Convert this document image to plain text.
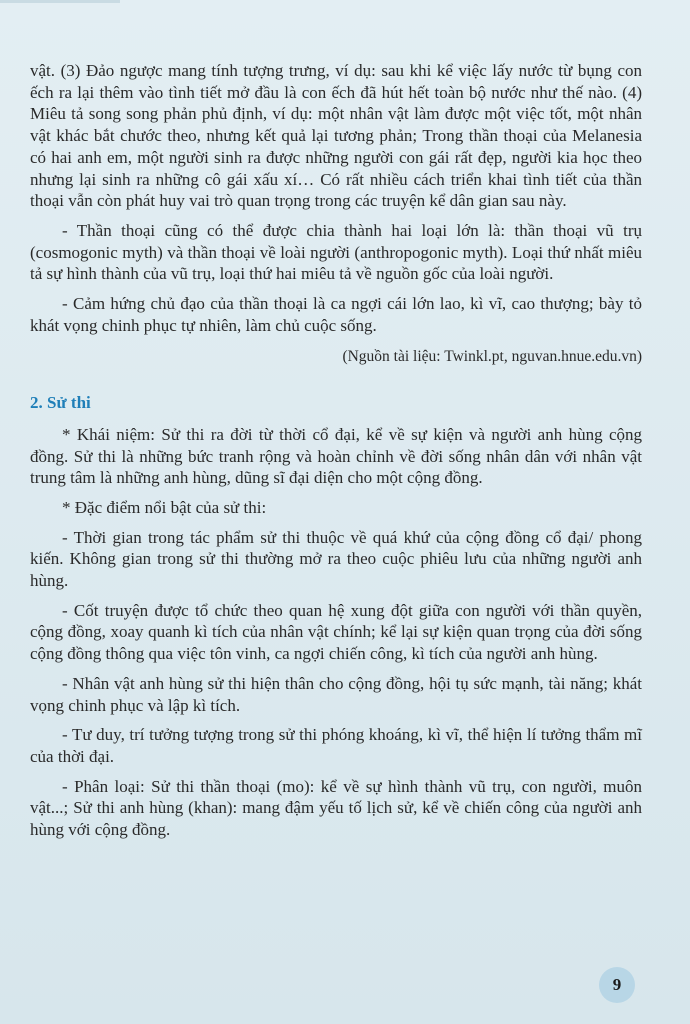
vật. (3) Đảo ngược mang tính tượng trưng, ví dụ: sau khi kể việc lấy nước từ bụng con ếch ra lại thêm vào tình tiết mở đầu là con ếch đã hút hết toàn bộ nước như thế nào. (4) Miêu tả song song phản phủ định, ví dụ: một nhân vật làm được một việc tốt, một nhân vật khác bắt chước theo, nhưng kết quả lại tương phản; Trong thần thoại của Melanesia có hai anh em, một người sinh ra được những người con gái rất đẹp, người kia học theo nhưng lại sinh ra những cô gái xấu xí… Có rất nhiều cách triển khai tình tiết của thần thoại vẫn còn phát huy vai trò quan trọng trong các truyện kể dân gian sau này.

- Thần thoại cũng có thể được chia thành hai loại lớn là: thần thoại vũ trụ (cosmogonic myth) và thần thoại về loài người (anthropogonic myth). Loại thứ nhất miêu tả sự hình thành của vũ trụ, loại thứ hai miêu tả về nguồn gốc của loài người.

- Cảm hứng chủ đạo của thần thoại là ca ngợi cái lớn lao, kì vĩ, cao thượng; bày tỏ khát vọng chinh phục tự nhiên, làm chủ cuộc sống.

(Nguồn tài liệu: Twinkl.pt, nguvan.hnue.edu.vn)

2. Sử thi

* Khái niệm: Sử thi ra đời từ thời cổ đại, kể về sự kiện và người anh hùng cộng đồng. Sử thi là những bức tranh rộng và hoàn chỉnh về đời sống nhân dân với nhân vật trung tâm là những anh hùng, dũng sĩ đại diện cho một cộng đồng.

* Đặc điểm nổi bật của sử thi:

- Thời gian trong tác phẩm sử thi thuộc về quá khứ của cộng đồng cổ đại/ phong kiến. Không gian trong sử thi thường mở ra theo cuộc phiêu lưu của những người anh hùng.

- Cốt truyện được tổ chức theo quan hệ xung đột giữa con người với thần quyền, cộng đồng, xoay quanh kì tích của nhân vật chính; kể lại sự kiện quan trọng của đời sống cộng đồng thông qua việc tôn vinh, ca ngợi chiến công, kì tích của người anh hùng.

- Nhân vật anh hùng sử thi hiện thân cho cộng đồng, hội tụ sức mạnh, tài năng; khát vọng chinh phục và lập kì tích.

- Tư duy, trí tưởng tượng trong sử thi phóng khoáng, kì vĩ, thể hiện lí tưởng thẩm mĩ của thời đại.

- Phân loại: Sử thi thần thoại (mo): kể về sự hình thành vũ trụ, con người, muôn vật...; Sử thi anh hùng (khan): mang đậm yếu tố lịch sử, kể về chiến công của người anh hùng với cộng đồng.

9
